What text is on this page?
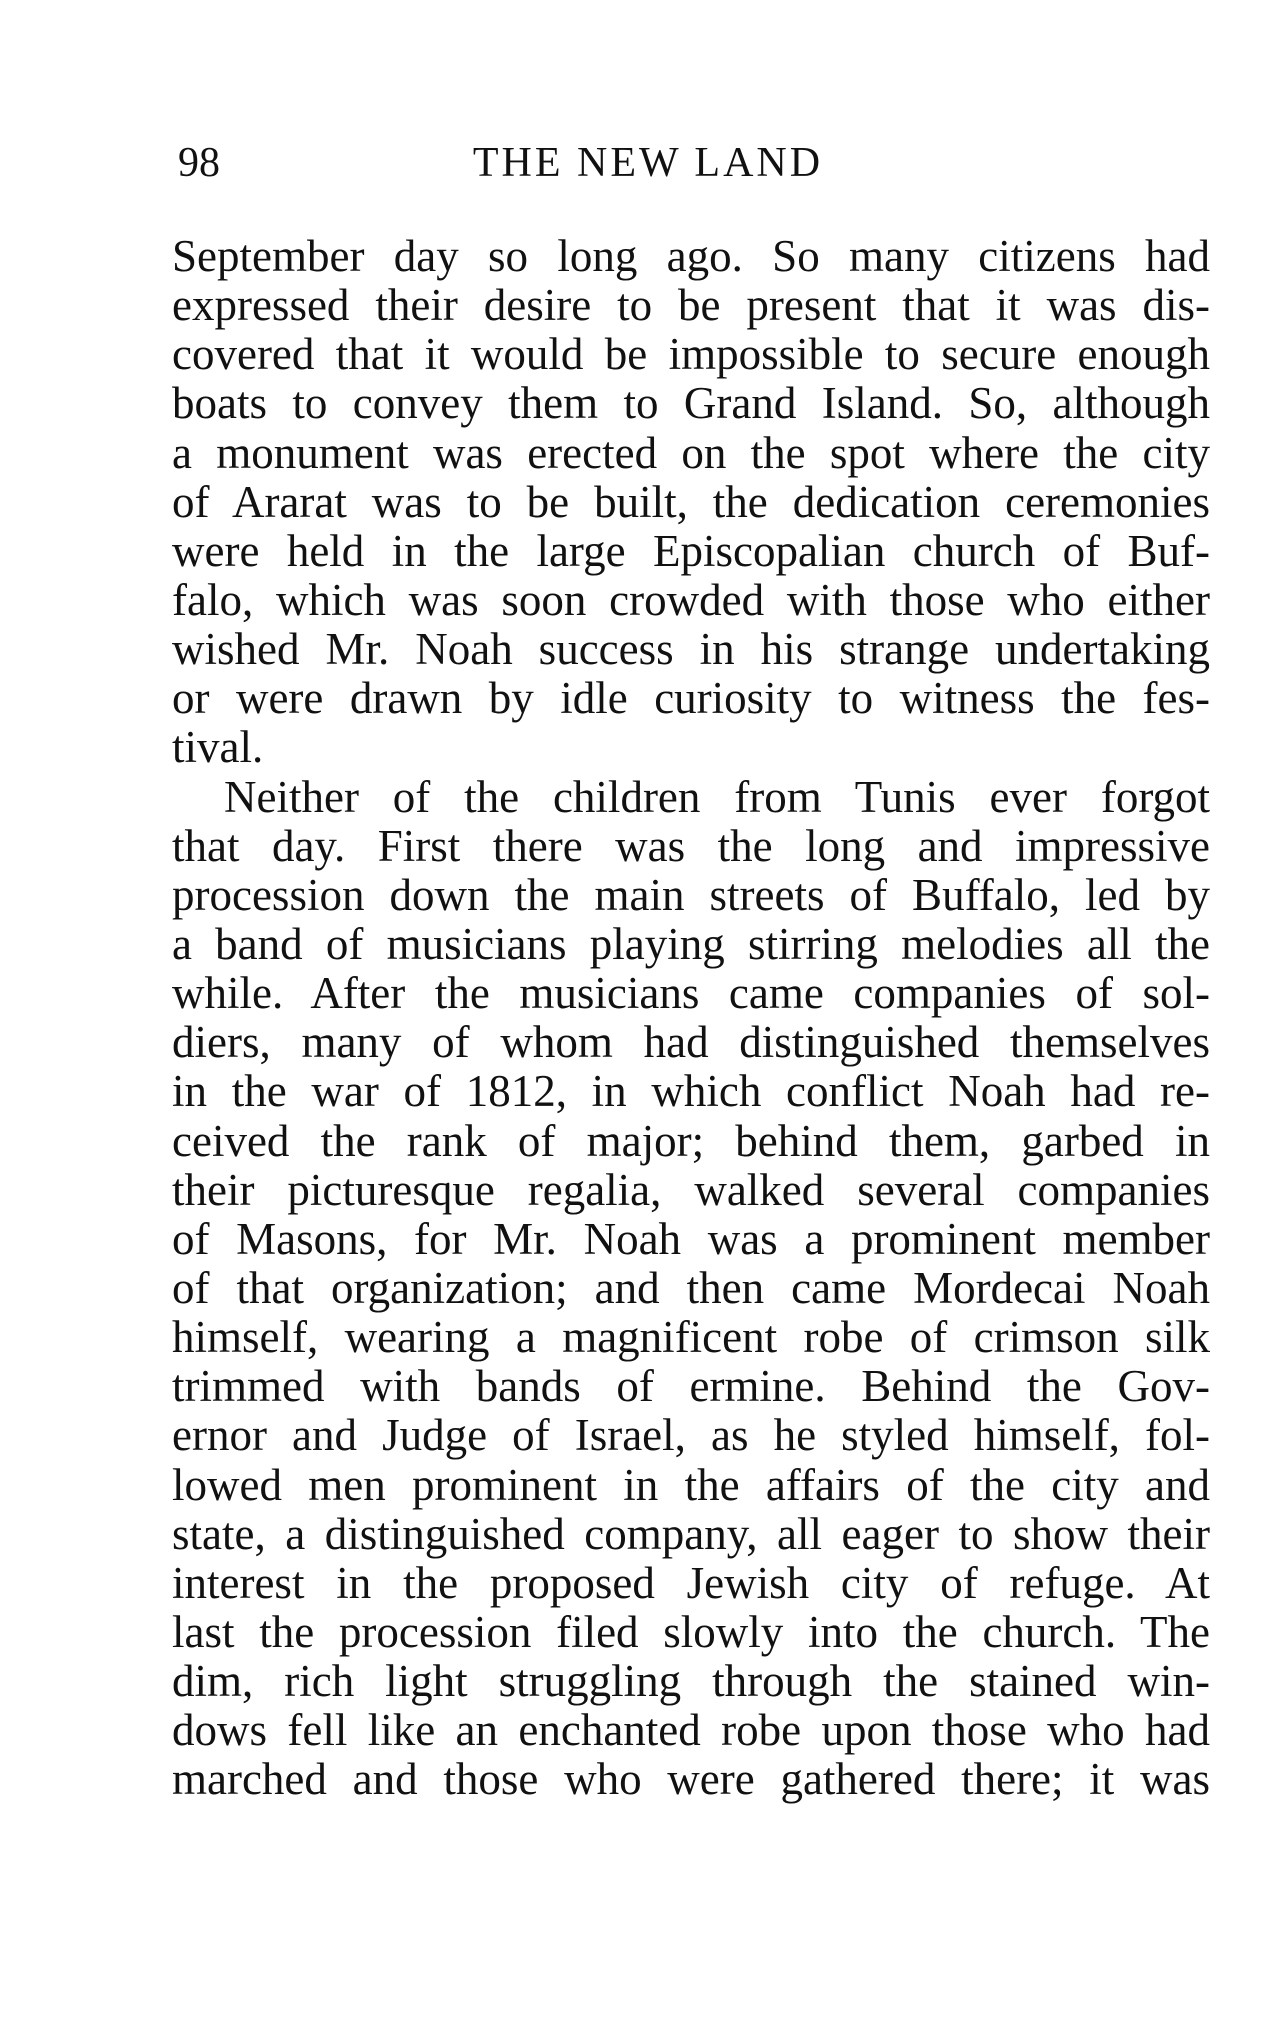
98	THE NEW LAND
September day so long ago. So many citizens had
expressed their desire to be present that it was dis-
covered that it would be impossible to secure enough
boats to convey them to Grand Island. So, although
a monument was erected on the spot where the city
of Ararat was to be built, the dedication ceremonies
were held in the large Episcopalian church of Buf-
falo, which was soon crowded with those who either
wished Mr. Noah success in his strange undertaking
or were drawn by idle curiosity to witness the fes-
tival.
Neither of the children from Tunis ever forgot
that day. First there was the long and impressive
procession down the main streets of Buffalo, led by
a band of musicians playing stirring melodies all the
while. After the musicians came companies of sol-
diers, many of whom had distinguished themselves
in the war of 1812, in which conflict Noah had re-
ceived the rank of major; behind them, garbed in
their picturesque regalia, walked several companies
of Masons, for Mr. Noah was a prominent member
of that organization; and then came Mordecai Noah
himself, wearing a magnificent robe of crimson silk
trimmed with bands of ermine. Behind the Gov-
ernor and Judge of Israel, as he styled himself, fol-
lowed men prominent in the affairs of the city and
state, a distinguished company, all eager to show their
interest in the proposed Jewish city of refuge. At
last the procession filed slowly into the church. The
dim, rich light struggling through the stained win-
dows fell like an enchanted robe upon those who had
marched and those who were gathered there; it was
